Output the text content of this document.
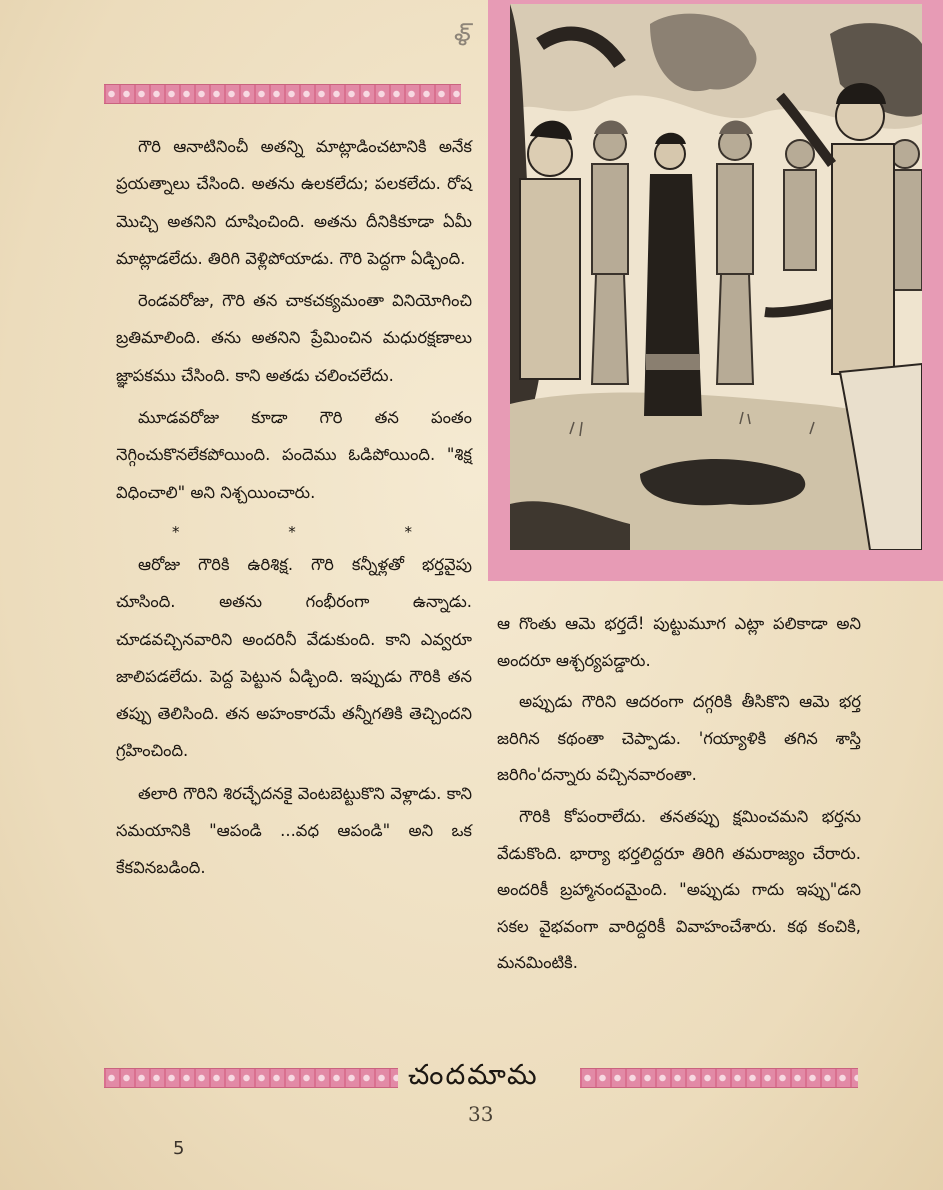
ళ్

గౌరి ఆనాటినించీ అతన్ని మాట్లాడించటానికి అనేక ప్రయత్నాలు చేసింది. అతను ఉలకలేదు; పలకలేదు. రోష మొచ్చి అతనిని దూషించింది. అతను దీనికికూడా ఏమీ మాట్లాడలేదు. తిరిగి వెళ్లిపోయాడు. గౌరి పెద్దగా ఏడ్చింది.

రెండవరోజు, గౌరి తన చాకచక్యమంతా వినియోగించి బ్రతిమాలింది. తను అతనిని ప్రేమించిన మధురక్షణాలు జ్ఞాపకము చేసింది. కాని అతడు చలించలేదు.

మూడవరోజు కూడా గౌరి తన పంతం నెగ్గించుకొనలేకపోయింది. పందెము ఓడిపోయింది. "శిక్ష విధించాలి" అని నిశ్చయించారు.

*	*	*

ఆరోజు గౌరికి ఉరిశిక్ష. గౌరి కన్నీళ్లతో భర్తవైపు చూసింది. అతను గంభీరంగా ఉన్నాడు. చూడవచ్చినవారిని అందరినీ వేడుకుంది. కాని ఎవ్వరూ జాలిపడలేదు. పెద్ద పెట్టున ఏడ్చింది. ఇప్పుడు గౌరికి తన తప్పు తెలిసింది. తన అహంకారమే తన్నీగతికి తెచ్చిందని గ్రహించింది.

తలారి గౌరిని శిరచ్ఛేదనకై వెంటబెట్టుకొని వెళ్లాడు. కాని సమయానికి "ఆపండి ...వధ ఆపండి" అని ఒక కేకవినబడింది.

ఆ గొంతు ఆమె భర్తదే! పుట్టుమూగ ఎట్లా పలికాడా అని అందరూ ఆశ్చర్యపడ్డారు.

అప్పుడు గౌరిని ఆదరంగా దగ్గరికి తీసికొని ఆమె భర్త జరిగిన కథంతా చెప్పాడు. 'గయ్యాళికి తగిన శాస్తి జరిగిం'దన్నారు వచ్చినవారంతా.

గౌరికి కోపంరాలేదు. తనతప్పు క్షమించమని భర్తను వేడుకొంది. భార్యా భర్తలిద్దరూ తిరిగి తమరాజ్యం చేరారు. అందరికీ బ్రహ్మానందమైంది. "అప్పుడు గాదు ఇప్పు"డని సకల వైభవంగా వారిద్దరికీ వివాహంచేశారు. కథ కంచికి, మనమింటికి.

చందమామ
33
5
